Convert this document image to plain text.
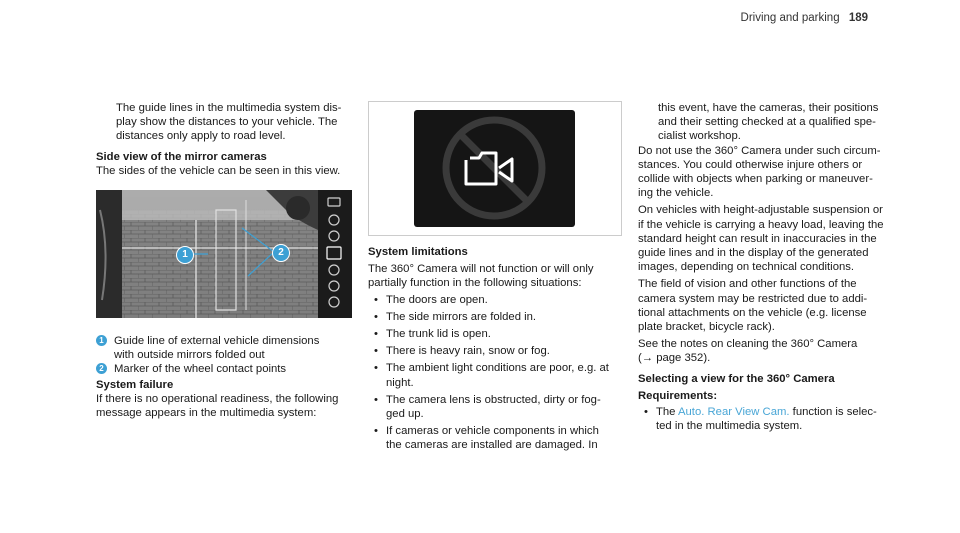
Driving and parking 189
The guide lines in the multimedia system dis-
play show the distances to your vehicle. The
distances only apply to road level.
Side view of the mirror cameras
The sides of the vehicle can be seen in this view.
1	2
1 Guide line of external vehicle dimensions
with outside mirrors folded out
2 Marker of the wheel contact points
System failure
If there is no operational readiness, the following
message appears in the multimedia system:
System limitations
The 360° Camera will not function or will only
partially function in the following situations:
• The doors are open.
• The side mirrors are folded in.
• The trunk lid is open.
• There is heavy rain, snow or fog.
• The ambient light conditions are poor, e.g. at
night.
• The camera lens is obstructed, dirty or fog-
ged up.
• If cameras or vehicle components in which
the cameras are installed are damaged. In
this event, have the cameras, their positions
and their setting checked at a qualified spe-
cialist workshop.

Do not use the 360° Camera under such circum-
stances. You could otherwise injure others or
collide with objects when parking or maneuver-
ing the vehicle.

On vehicles with height-adjustable suspension or
if the vehicle is carrying a heavy load, leaving the
standard height can result in inaccuracies in the
guide lines and in the display of the generated
images, depending on technical conditions.

The field of vision and other functions of the
camera system may be restricted due to addi-
tional attachments on the vehicle (e.g. license
plate bracket, bicycle rack).

See the notes on cleaning the 360° Camera
(→ page 352).

Selecting a view for the 360° Camera
Requirements:
• The Auto. Rear View Cam. function is selec-
ted in the multimedia system.
